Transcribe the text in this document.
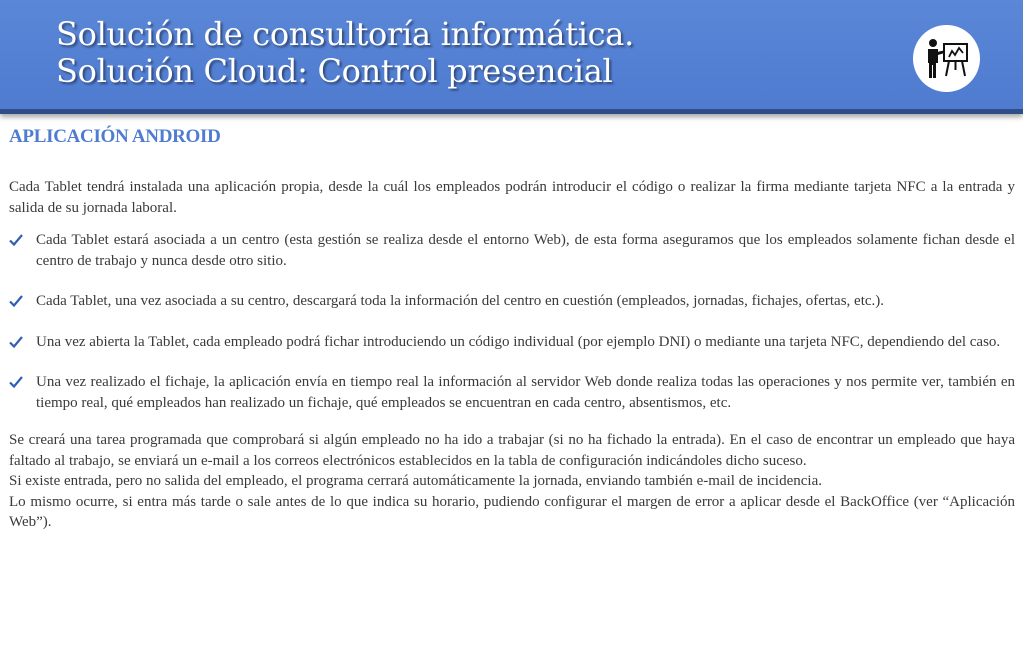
Solución de consultoría informática.
Solución Cloud: Control presencial
APLICACIÓN ANDROID

Cada Tablet tendrá instalada una aplicación propia, desde la cuál los empleados podrán introducir el código o realizar la firma mediante tarjeta NFC a la entrada y salida de su jornada laboral.

Cada Tablet estará asociada a un centro (esta gestión se realiza desde el entorno Web), de esta forma aseguramos que los empleados solamente fichan desde el centro de trabajo y nunca desde otro sitio.
Cada Tablet, una vez asociada a su centro, descargará toda la información del centro en cuestión (empleados, jornadas, fichajes, ofertas, etc.).
Una vez abierta la Tablet, cada empleado podrá fichar introduciendo un código individual (por ejemplo DNI) o mediante una tarjeta NFC, dependiendo del caso.
Una vez realizado el fichaje, la aplicación envía en tiempo real la información al servidor Web donde realiza todas las operaciones y nos permite ver, también en tiempo real, qué empleados han realizado un fichaje, qué empleados se encuentran en cada centro, absentismos, etc.

Se creará una tarea programada que comprobará si algún empleado no ha ido a trabajar (si no ha fichado la entrada). En el caso de encontrar un empleado que haya faltado al trabajo, se enviará un e-mail a los correos electrónicos establecidos en la tabla de configuración indicándoles dicho suceso.

Si existe entrada, pero no salida del empleado, el programa cerrará automáticamente la jornada, enviando también e-mail de incidencia.

Lo mismo ocurre, si entra más tarde o sale antes de lo que indica su horario, pudiendo configurar el margen de error a aplicar desde el BackOffice (ver “Aplicación Web”).
